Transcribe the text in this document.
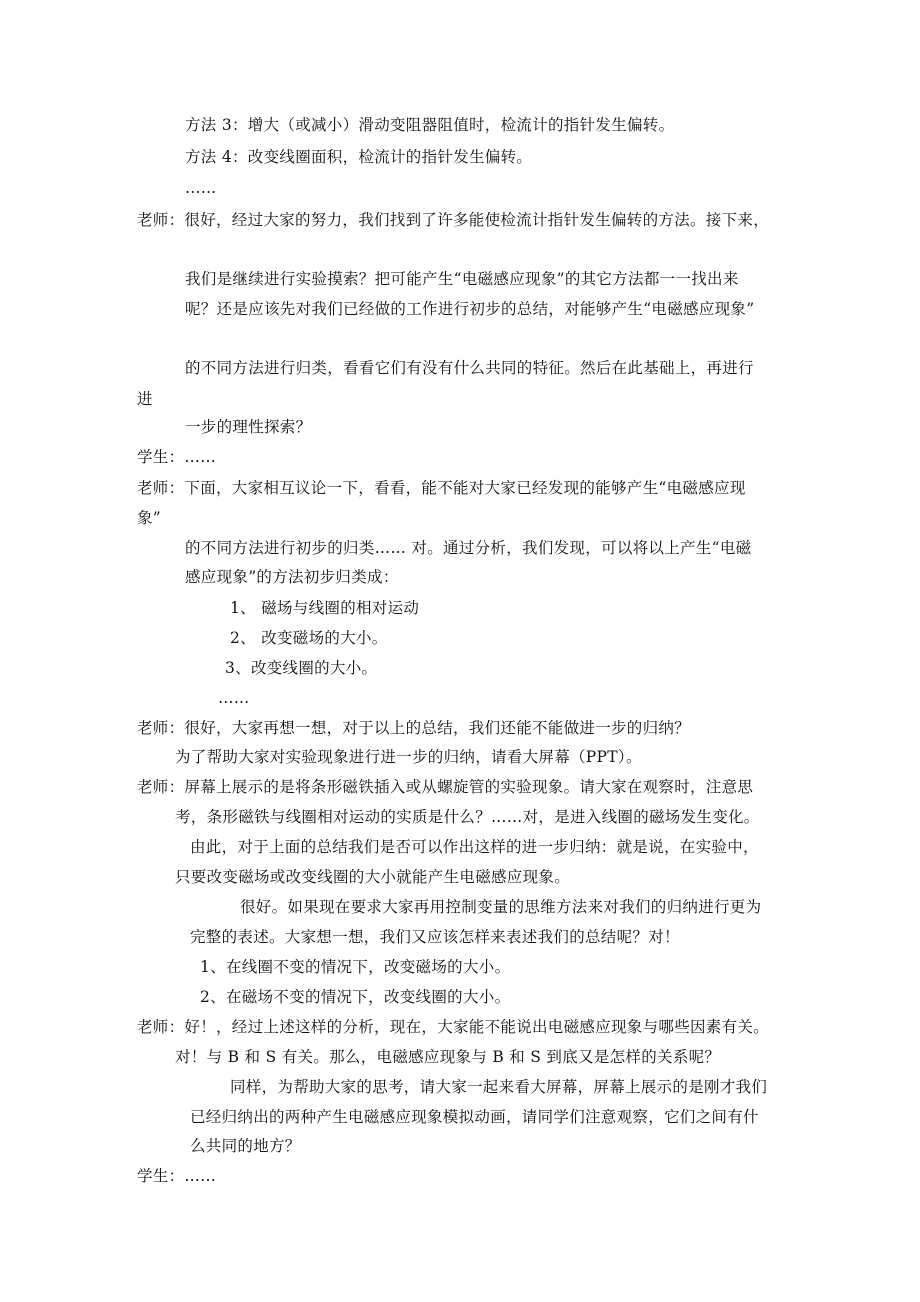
方法 3：增大（或减小）滑动变阻器阻值时，检流计的指针发生偏转。
方法 4：改变线圈面积，检流计的指针发生偏转。
……
老师：很好，经过大家的努力，我们找到了许多能使检流计指针发生偏转的方法。接下来，
我们是继续进行实验摸索？把可能产生“电磁感应现象”的其它方法都一一找出来
呢？还是应该先对我们已经做的工作进行初步的总结，对能够产生“电磁感应现象”
的不同方法进行归类，看看它们有没有什么共同的特征。然后在此基础上，再进行
进
一步的理性探索？
学生：……
老师：下面，大家相互议论一下，看看，能不能对大家已经发现的能够产生“电磁感应现
象”
的不同方法进行初步的归类…… 对。通过分析，我们发现，可以将以上产生“电磁
感应现象”的方法初步归类成：
1、 磁场与线圈的相对运动
2、 改变磁场的大小。
3、改变线圈的大小。
……
老师：很好，大家再想一想，对于以上的总结，我们还能不能做进一步的归纳？
为了帮助大家对实验现象进行进一步的归纳，请看大屏幕（PPT）。
老师：屏幕上展示的是将条形磁铁插入或从螺旋管的实验现象。请大家在观察时，注意思
考，条形磁铁与线圈相对运动的实质是什么？……对，是进入线圈的磁场发生变化。
由此，对于上面的总结我们是否可以作出这样的进一步归纳：就是说，在实验中，
只要改变磁场或改变线圈的大小就能产生电磁感应现象。
很好。如果现在要求大家再用控制变量的思维方法来对我们的归纳进行更为
完整的表述。大家想一想，我们又应该怎样来表述我们的总结呢？对！
1、在线圈不变的情况下，改变磁场的大小。
2、在磁场不变的情况下，改变线圈的大小。
老师：好！，经过上述这样的分析，现在，大家能不能说出电磁感应现象与哪些因素有关。
对！与 B 和 S 有关。那么，电磁感应现象与 B 和 S 到底又是怎样的关系呢？
同样，为帮助大家的思考，请大家一起来看大屏幕，屏幕上展示的是刚才我们
已经归纳出的两种产生电磁感应现象模拟动画，请同学们注意观察，它们之间有什
么共同的地方？
学生：……
